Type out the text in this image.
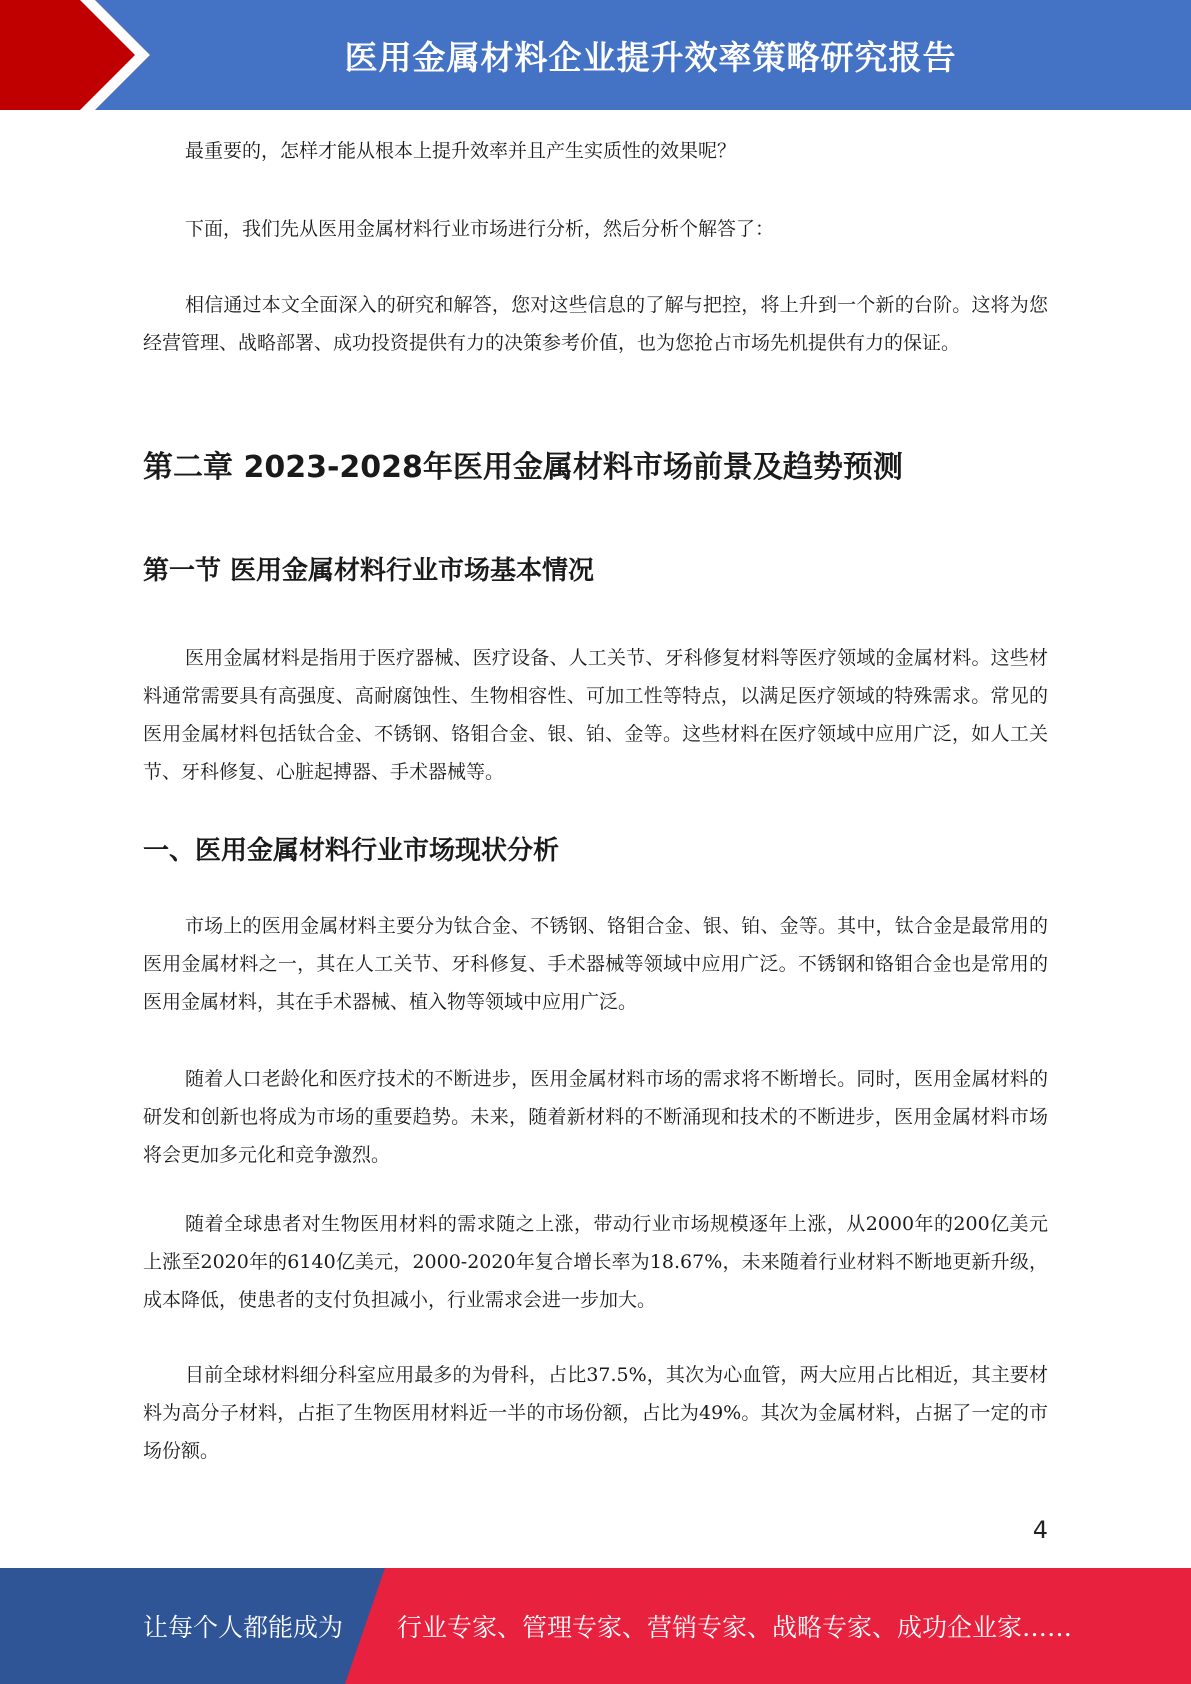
医用金属材料企业提升效率策略研究报告

最重要的，怎样才能从根本上提升效率并且产生实质性的效果呢？

下面，我们先从医用金属材料行业市场进行分析，然后分析个解答了：

相信通过本文全面深入的研究和解答，您对这些信息的了解与把控，将上升到一个新的台阶。这将为您经营管理、战略部署、成功投资提供有力的决策参考价值，也为您抢占市场先机提供有力的保证。

第二章 2023-2028年医用金属材料市场前景及趋势预测
第一节 医用金属材料行业市场基本情况

医用金属材料是指用于医疗器械、医疗设备、人工关节、牙科修复材料等医疗领域的金属材料。这些材料通常需要具有高强度、高耐腐蚀性、生物相容性、可加工性等特点，以满足医疗领域的特殊需求。常见的医用金属材料包括钛合金、不锈钢、铬钼合金、银、铂、金等。这些材料在医疗领域中应用广泛，如人工关节、牙科修复、心脏起搏器、手术器械等。

一、医用金属材料行业市场现状分析

市场上的医用金属材料主要分为钛合金、不锈钢、铬钼合金、银、铂、金等。其中，钛合金是最常用的医用金属材料之一，其在人工关节、牙科修复、手术器械等领域中应用广泛。不锈钢和铬钼合金也是常用的医用金属材料，其在手术器械、植入物等领域中应用广泛。

随着人口老龄化和医疗技术的不断进步，医用金属材料市场的需求将不断增长。同时，医用金属材料的研发和创新也将成为市场的重要趋势。未来，随着新材料的不断涌现和技术的不断进步，医用金属材料市场将会更加多元化和竞争激烈。

随着全球患者对生物医用材料的需求随之上涨，带动行业市场规模逐年上涨，从2000年的200亿美元上涨至2020年的6140亿美元，2000-2020年复合增长率为18.67%，未来随着行业材料不断地更新升级，成本降低，使患者的支付负担减小，行业需求会进一步加大。

目前全球材料细分科室应用最多的为骨科，占比37.5%，其次为心血管，两大应用占比相近，其主要材料为高分子材料，占拒了生物医用材料近一半的市场份额，占比为49%。其次为金属材料，占据了一定的市场份额。

4
让每个人都能成为 行业专家、管理专家、营销专家、战略专家、成功企业家……
